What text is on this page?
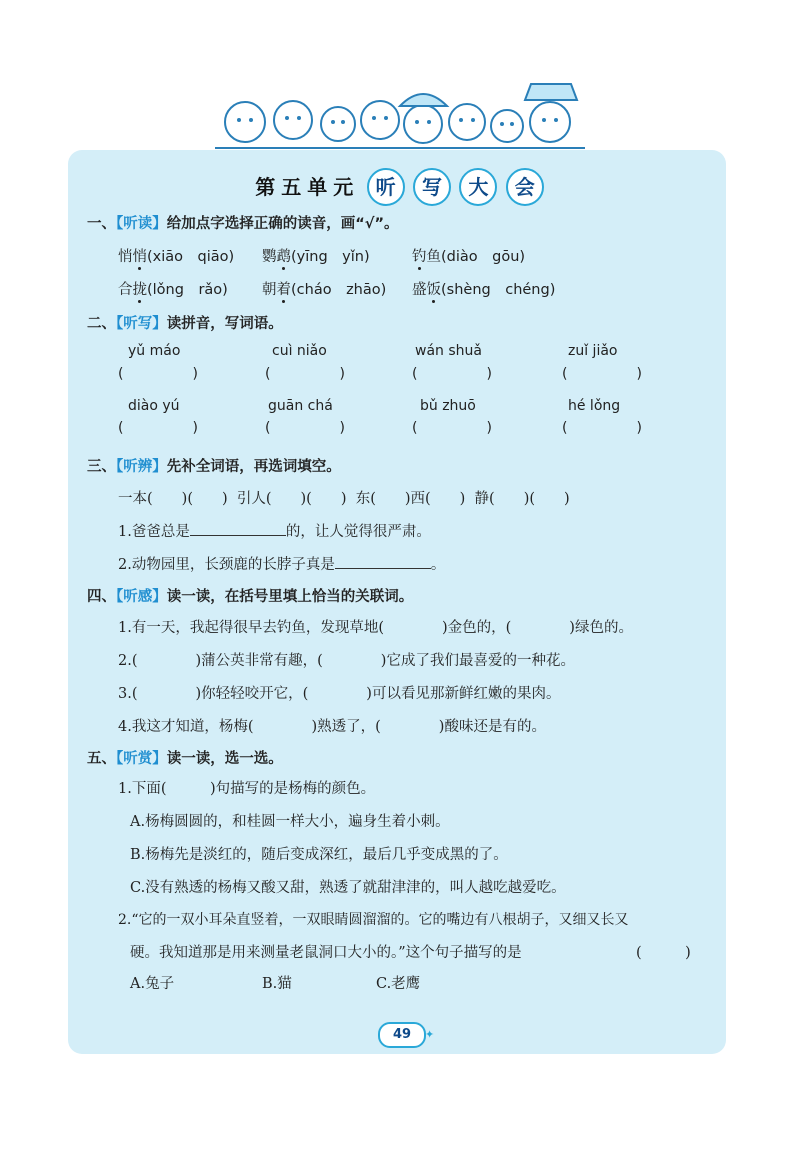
第五单元 听 写 大 会
一、【听读】给加点字选择正确的读音，画“√”。
悄悄(xiāo　qiāo) 鹦鹉(yīng　yǐn)	钓鱼(diào　gōu)
合拢(lǒng　rǎo) 朝着(cháo　zhāo) 盛饭(shèng　chéng)
二、【听写】读拼音，写词语。
yǔ máo	cuì niǎo	wán shuǎ	zuǐ jiǎo
(	)	(	)	(	)	(	)
diào yú	guān chá	bǔ zhuō	hé lǒng
(	)	(	)	(	)	(	)
三、【听辨】先补全词语，再选词填空。
一本(　　)(　　)  引人(　　)(　　)  东(　　)西(　　)  静(　　)(　　)
1.爸爸总是	的，让人觉得很严肃。
2.动物园里，长颈鹿的长脖子真是	。
四、【听感】读一读，在括号里填上恰当的关联词。
1.有一天，我起得很早去钓鱼，发现草地(　　　　)金色的，(　　　　)绿色的。
2.(　　　　)蒲公英非常有趣，(　　　　)它成了我们最喜爱的一种花。
3.(　　　　)你轻轻咬开它，(　　　　)可以看见那新鲜红嫩的果肉。
4.我这才知道，杨梅(　　　　)熟透了，(　　　　)酸味还是有的。
五、【听赏】读一读，选一选。
1.下面(　　　)句描写的是杨梅的颜色。
A.杨梅圆圆的，和桂圆一样大小，遍身生着小刺。
B.杨梅先是淡红的，随后变成深红，最后几乎变成黑的了。
C.没有熟透的杨梅又酸又甜，熟透了就甜津津的，叫人越吃越爱吃。
2.“它的一双小耳朵直竖着，一双眼睛圆溜溜的。它的嘴边有八根胡子，又细又长又
硬。我知道那是用来测量老鼠洞口大小的。”这个句子描写的是	(　　　)
A.兔子	B.猫	C.老鹰
49	✦
